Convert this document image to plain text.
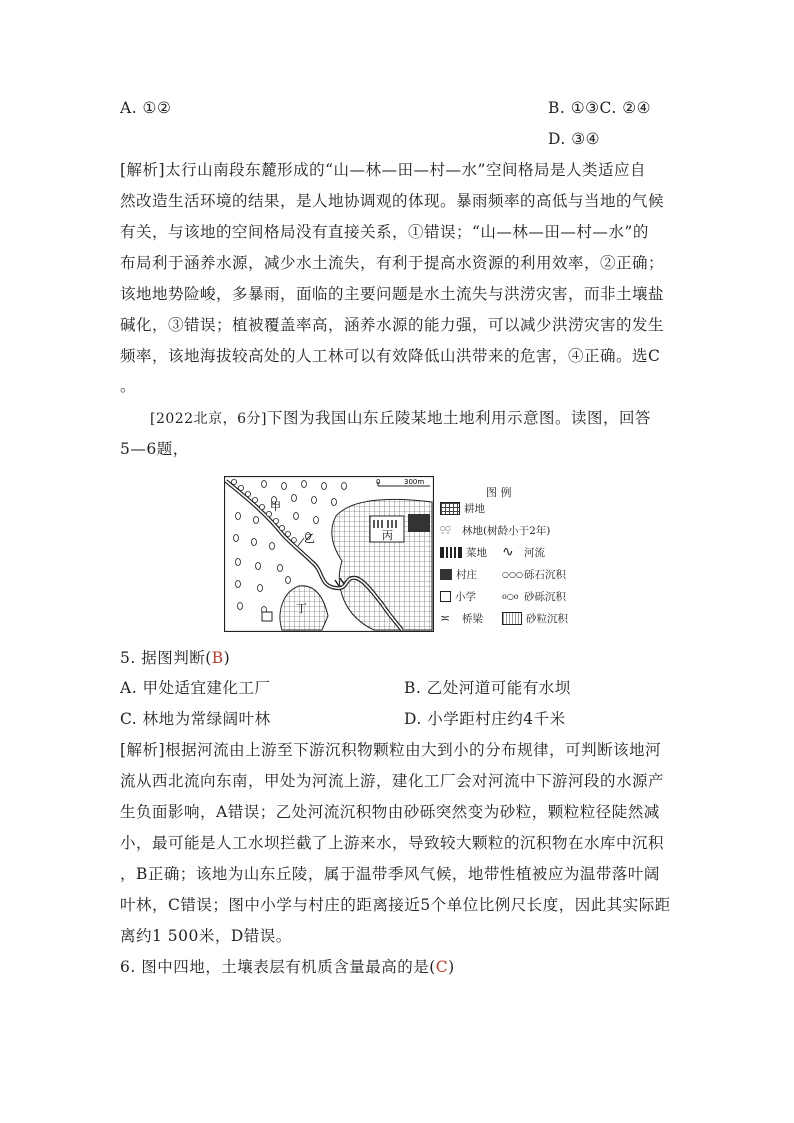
A. ①②	B. ①③C. ②④
D. ③④
[解析]太行山南段东麓形成的“山—林—田—村—水”空间格局是人类适应自
然改造生活环境的结果，是人地协调观的体现。暴雨频率的高低与当地的气候
有关，与该地的空间格局没有直接关系，①错误；“山—林—田—村—水”的
布局利于涵养水源，减少水土流失，有利于提高水资源的利用效率，②正确；
该地地势险峻，多暴雨，面临的主要问题是水土流失与洪涝灾害，而非土壤盐
碱化，③错误；植被覆盖率高，涵养水源的能力强，可以减少洪涝灾害的发生
频率，该地海拔较高处的人工林可以有效降低山洪带来的危害，④正确。选C
。
[2022北京，6分]下图为我国山东丘陵某地土地利用示意图。读图，回答
5—6题，
0	300m
甲
乙	丙
丁
图 例
耕地
⍜⍜	林地(树龄小于2年)
菜地 ∿ 河流
村庄	○○○ 砾石沉积
小学	o○o 砂砾沉积
≍	桥梁	砂粒沉积
5. 据图判断(B)
A. 甲处适宜建化工厂	B. 乙处河道可能有水坝
C. 林地为常绿阔叶林	D. 小学距村庄约4千米
[解析]根据河流由上游至下游沉积物颗粒由大到小的分布规律，可判断该地河
流从西北流向东南，甲处为河流上游，建化工厂会对河流中下游河段的水源产
生负面影响，A错误；乙处河流沉积物由砂砾突然变为砂粒，颗粒粒径陡然减
小，最可能是人工水坝拦截了上游来水，导致较大颗粒的沉积物在水库中沉积
，B正确；该地为山东丘陵，属于温带季风气候，地带性植被应为温带落叶阔
叶林，C错误；图中小学与村庄的距离接近5个单位比例尺长度，因此其实际距
离约1 500米，D错误。
6. 图中四地，土壤表层有机质含量最高的是(C)
